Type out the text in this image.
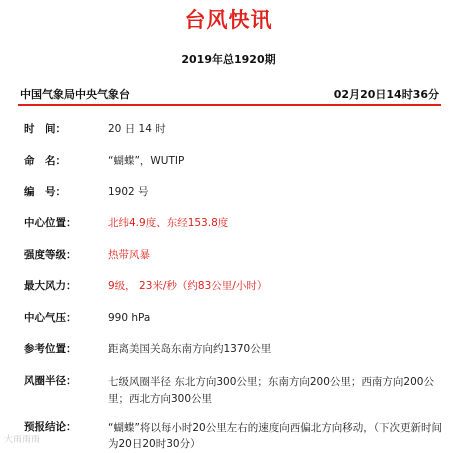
台风快讯
2019年总1920期
中国气象局中央气象台	02月20日14时36分
时　间：	20 日 14 时
命　名：	“蝴蝶”，WUTIP
编　号：	1902 号
中心位置：	北纬4.9度、东经153.8度
强度等级：	热带风暴
最大风力：	9级， 23米/秒（约83公里/小时）
中心气压：	990 hPa
参考位置：	距离美国关岛东南方向约1370公里
风圈半径：	七级风圈半径 东北方向300公里；东南方向200公里；西南方向200公里；西北方向300公里
预报结论：	“蝴蝶”将以每小时20公里左右的速度向西偏北方向移动，（下次更新时间为20日20时30分）
大雨雨雨
